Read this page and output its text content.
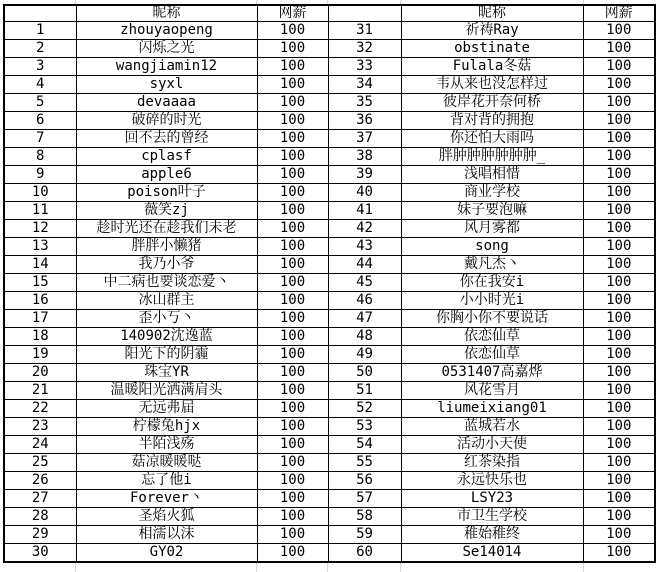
	昵称	网薪		昵称	网薪
1	zhouyaopeng	100	31	祈祷Ray	100
2	闪烁之光	100	32	obstinate	100
3	wangjiamin12	100	33	Fulala冬菇	100
4	syxl	100	34	韦从来也没怎样过	100
5	devaaaa	100	35	彼岸花开奈何桥	100
6	破碎的时光	100	36	背对背的拥抱	100
7	回不去的曾经	100	37	你还怕大雨吗	100
8	cplasf	100	38	胖肿肿肿肿肿肿_	100
9	apple6	100	39	浅唱相惜	100
10	poison叶子	100	40	商业学校	100
11	薇笑zj	100	41	妹子要泡嘛	100
12	趁时光还在趁我们未老	100	42	风月雾都	100
13	胖胖小懒猪	100	43	song	100
14	我乃小爷	100	44	戴凡杰丶	100
15	中二病也要谈恋爱丶	100	45	你在我安i	100
16	冰山群主	100	46	小小时光i	100
17	歪小丂丶	100	47	你胸小你不要说话	100
18	140902沈逸蓝	100	48	依恋仙草	100
19	阳光下的阴霾	100	49	依恋仙草	100
20	珠宝YR	100	50	0531407高嘉烨	100
21	温暖阳光洒满肩头	100	51	风花雪月	100
22	无远弗届	100	52	liumeixiang01	100
23	柠檬兔hjx	100	53	蓝城若水	100
24	半陌浅殇	100	54	活动小天使	100
25	菇凉暖暖哒	100	55	红茶染指	100
26	忘了他i	100	56	永远快乐也	100
27	Forever丶	100	57	LSY23	100
28	圣焰火狐	100	58	市卫生学校	100
29	相濡以沫	100	59	稚始稚终	100
30	GY02	100	60	Se14014	100
